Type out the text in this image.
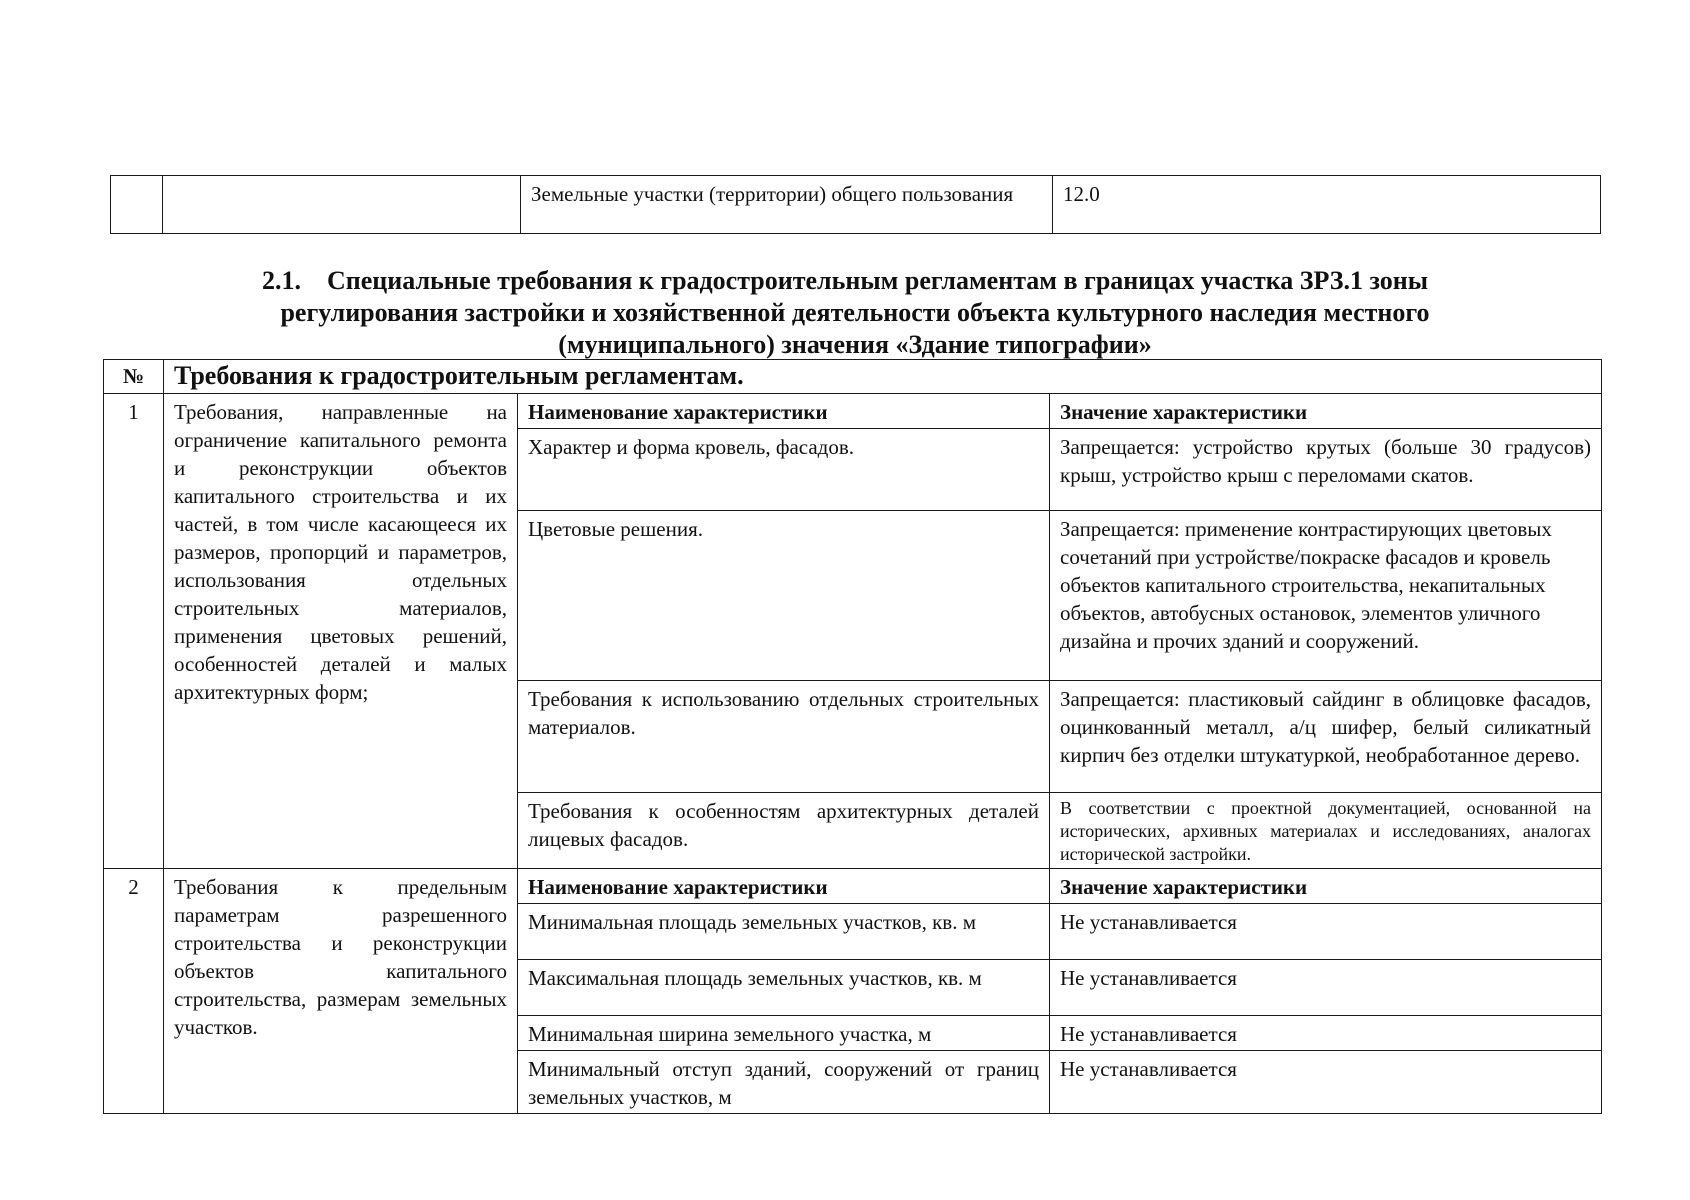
		Земельные участки (территории) общего пользования	12.0
2.1. Специальные требования к градостроительным регламентам в границах участка ЗРЗ.1 зоны
регулирования застройки и хозяйственной деятельности объекта культурного наследия местного
(муниципального) значения «Здание типографии»
№	Требования к градостроительным регламентам.		
1	Требования, направленные на ограничение капитального ремонта и реконструкции объектов капитального строительства и их частей, в том числе касающееся их размеров, пропорций и параметров, использования отдельных строительных материалов, применения цветовых решений, особенностей деталей и малых архитектурных форм;	Наименование характеристики	Значение характеристики
		Характер и форма кровель, фасадов.	Запрещается: устройство крутых (больше 30 градусов) крыш, устройство крыш с переломами скатов.
		Цветовые решения.	Запрещается: применение контрастирующих цветовых сочетаний при устройстве/покраске фасадов и кровель объектов капитального строительства, некапитальных объектов, автобусных остановок, элементов уличного дизайна и прочих зданий и сооружений.
		Требования к использованию отдельных строительных материалов.	Запрещается: пластиковый сайдинг в облицовке фасадов, оцинкованный металл, а/ц шифер, белый силикатный кирпич без отделки штукатуркой, необработанное дерево.
		Требования к особенностям архитектурных деталей лицевых фасадов.	В соответствии с проектной документацией, основанной на исторических, архивных материалах и исследованиях, аналогах исторической застройки.
2	Требования к предельным параметрам разрешенного строительства и реконструкции объектов капитального строительства, размерам земельных участков.	Наименование характеристики	Значение характеристики
		Минимальная площадь земельных участков, кв. м	Не устанавливается
		Максимальная площадь земельных участков, кв. м	Не устанавливается
		Минимальная ширина земельного участка, м	Не устанавливается
		Минимальный отступ зданий, сооружений от границ земельных участков, м	Не устанавливается
